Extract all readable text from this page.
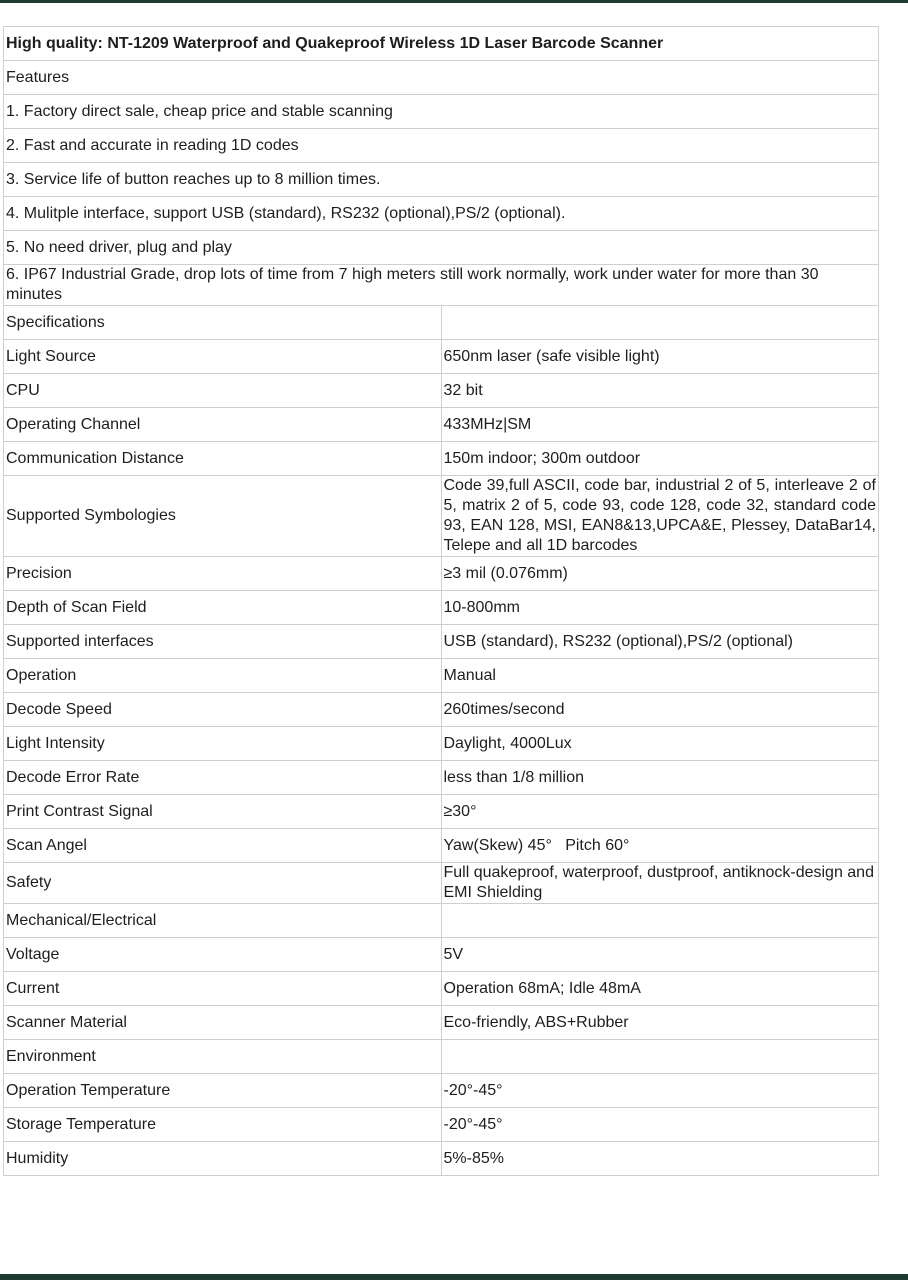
High quality: NT-1209 Waterproof and Quakeproof Wireless 1D Laser Barcode Scanner	
Features	
1. Factory direct sale, cheap price and stable scanning	
2. Fast and accurate in reading 1D codes	
3. Service life of button reaches up to 8 million times.	
4. Mulitple interface, support USB (standard), RS232 (optional),PS/2 (optional).	
5. No need driver, plug and play	
6. IP67 Industrial Grade, drop lots of time from 7 high meters still work normally, work under water for more than 30 minutes	
Specifications	
Light Source	650nm laser (safe visible light)
CPU	32 bit
Operating Channel	433MHz|SM
Communication Distance	150m indoor; 300m outdoor
Supported Symbologies	Code 39,full ASCII, code bar, industrial 2 of 5, interleave 2 of 5, matrix 2 of 5, code 93, code 128, code 32, standard code 93, EAN 128, MSI, EAN8&13,UPCA&E, Plessey, DataBar14, Telepe and all 1D barcodes
Precision	≥3 mil (0.076mm)
Depth of Scan Field	10-800mm
Supported interfaces	USB (standard), RS232 (optional),PS/2 (optional)
Operation	Manual
Decode Speed	260times/second
Light Intensity	Daylight, 4000Lux
Decode Error Rate	less than 1/8 million
Print Contrast Signal	≥30°
Scan Angel	Yaw(Skew) 45°   Pitch 60°
Safety	Full quakeproof, waterproof, dustproof, antiknock-design and EMI Shielding
Mechanical/Electrical	
Voltage	5V
Current	Operation 68mA; Idle 48mA
Scanner Material	Eco-friendly, ABS+Rubber
Environment	
Operation Temperature	-20°-45°
Storage Temperature	-20°-45°
Humidity	5%-85%
